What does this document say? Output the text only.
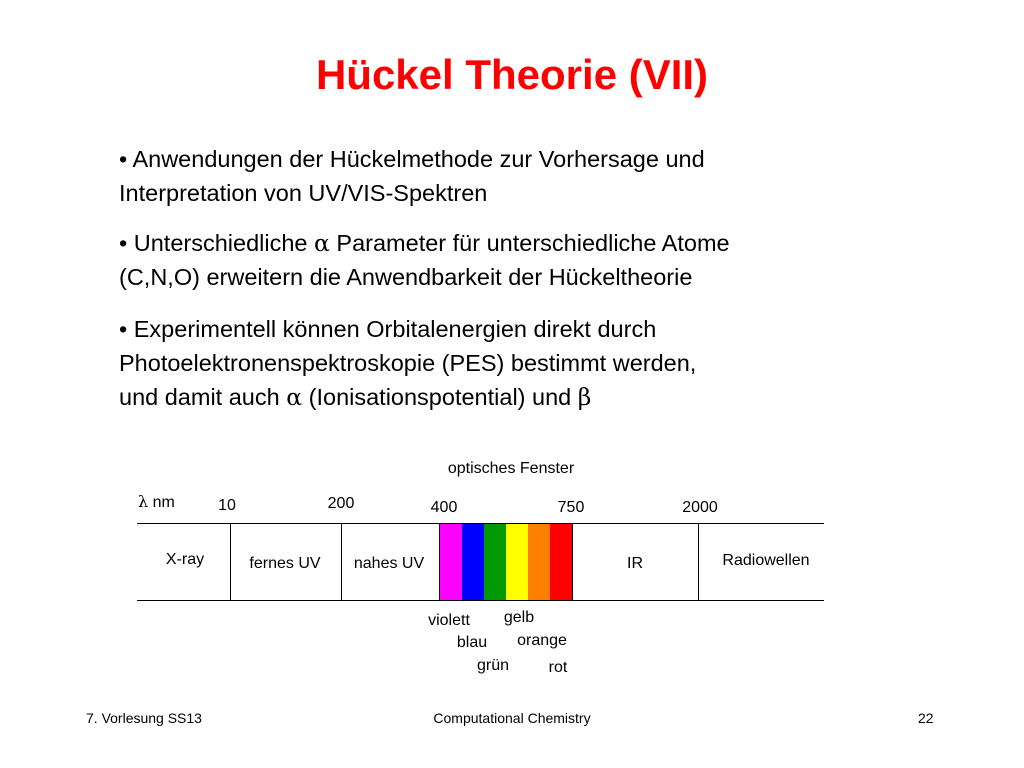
Hückel Theorie (VII)
• Anwendungen der Hückelmethode zur Vorhersage und
Interpretation von UV/VIS-Spektren
• Unterschiedliche α Parameter für unterschiedliche Atome
(C,N,O) erweitern die Anwendbarkeit der Hückeltheorie
• Experimentell können Orbitalenergien direkt durch
Photoelektronenspektroskopie (PES) bestimmt werden,
und damit auch α (Ionisationspotential) und β
optisches Fenster
λ nm	10	200	400	750	2000
X-ray	fernes UV nahes UV	IR	Radiowellen
violett
blau
grün
gelb
orange
rot
7. Vorlesung SS13	Computational Chemistry	22
